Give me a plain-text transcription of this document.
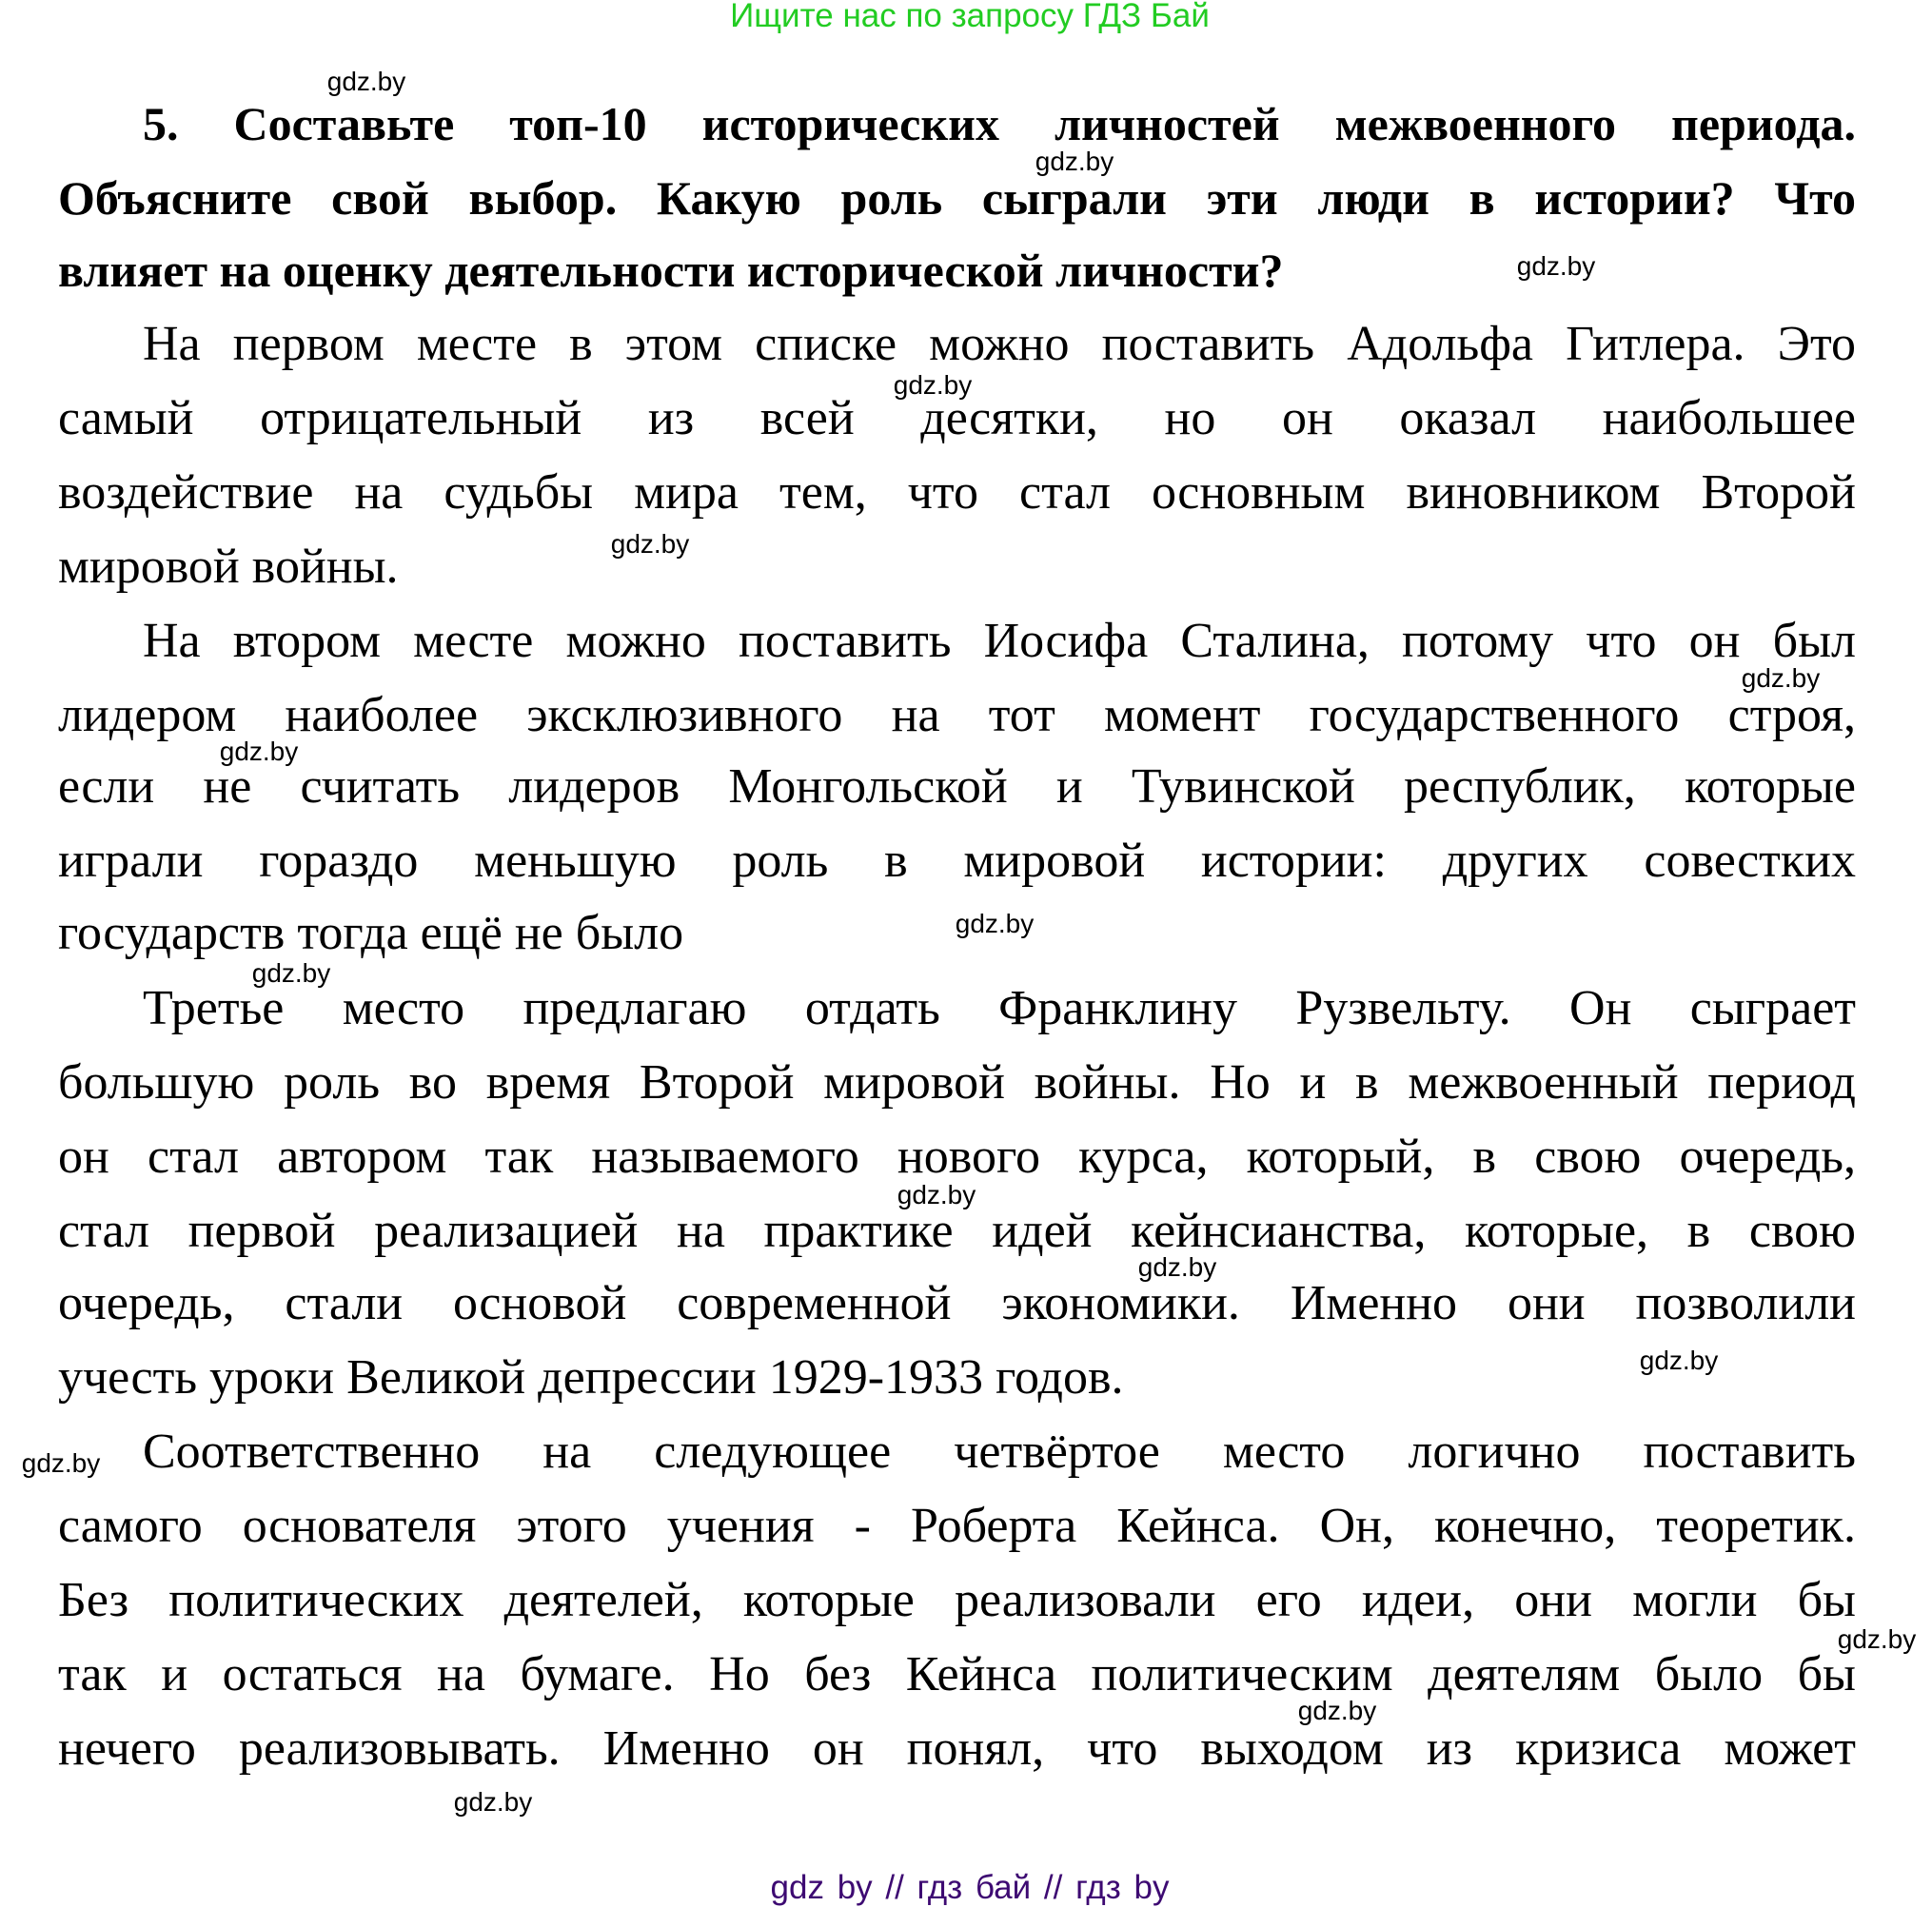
Ищите нас по запросу ГДЗ Бай
5. Составьте топ-10 исторических личностей межвоенного периода.
Объясните свой выбор. Какую роль сыграли эти люди в истории? Что
влияет на оценку деятельности исторической личности?
На первом месте в этом списке можно поставить Адольфа Гитлера. Это
самый отрицательный из всей десятки, но он оказал наибольшее
воздействие на судьбы мира тем, что стал основным виновником Второй
мировой войны.
На втором месте можно поставить Иосифа Сталина, потому что он был
лидером наиболее эксклюзивного на тот момент государственного строя,
если не считать лидеров Монгольской и Тувинской республик, которые
играли гораздо меньшую роль в мировой истории: других совестких
государств тогда ещё не было
Третье место предлагаю отдать Франклину Рузвельту. Он сыграет
большую роль во время Второй мировой войны. Но и в межвоенный период
он стал автором так называемого нового курса, который, в свою очередь,
стал первой реализацией на практике идей кейнсианства, которые, в свою
очередь, стали основой современной экономики. Именно они позволили
учесть уроки Великой депрессии 1929-1933 годов.
Соответственно на следующее четвёртое место логично поставить
самого основателя этого учения - Роберта Кейнса. Он, конечно, теоретик.
Без политических деятелей, которые реализовали его идеи, они могли бы
так и остаться на бумаге. Но без Кейнса политическим деятелям было бы
нечего реализовывать. Именно он понял, что выходом из кризиса может
gdz.by
gdz.by
gdz.by
gdz.by
gdz.by
gdz.by
gdz.by
gdz.by
gdz.by
gdz.by
gdz.by
gdz.by
gdz.by
gdz.by
gdz.by
gdz.by
gdz by // гдз бай // гдз by
